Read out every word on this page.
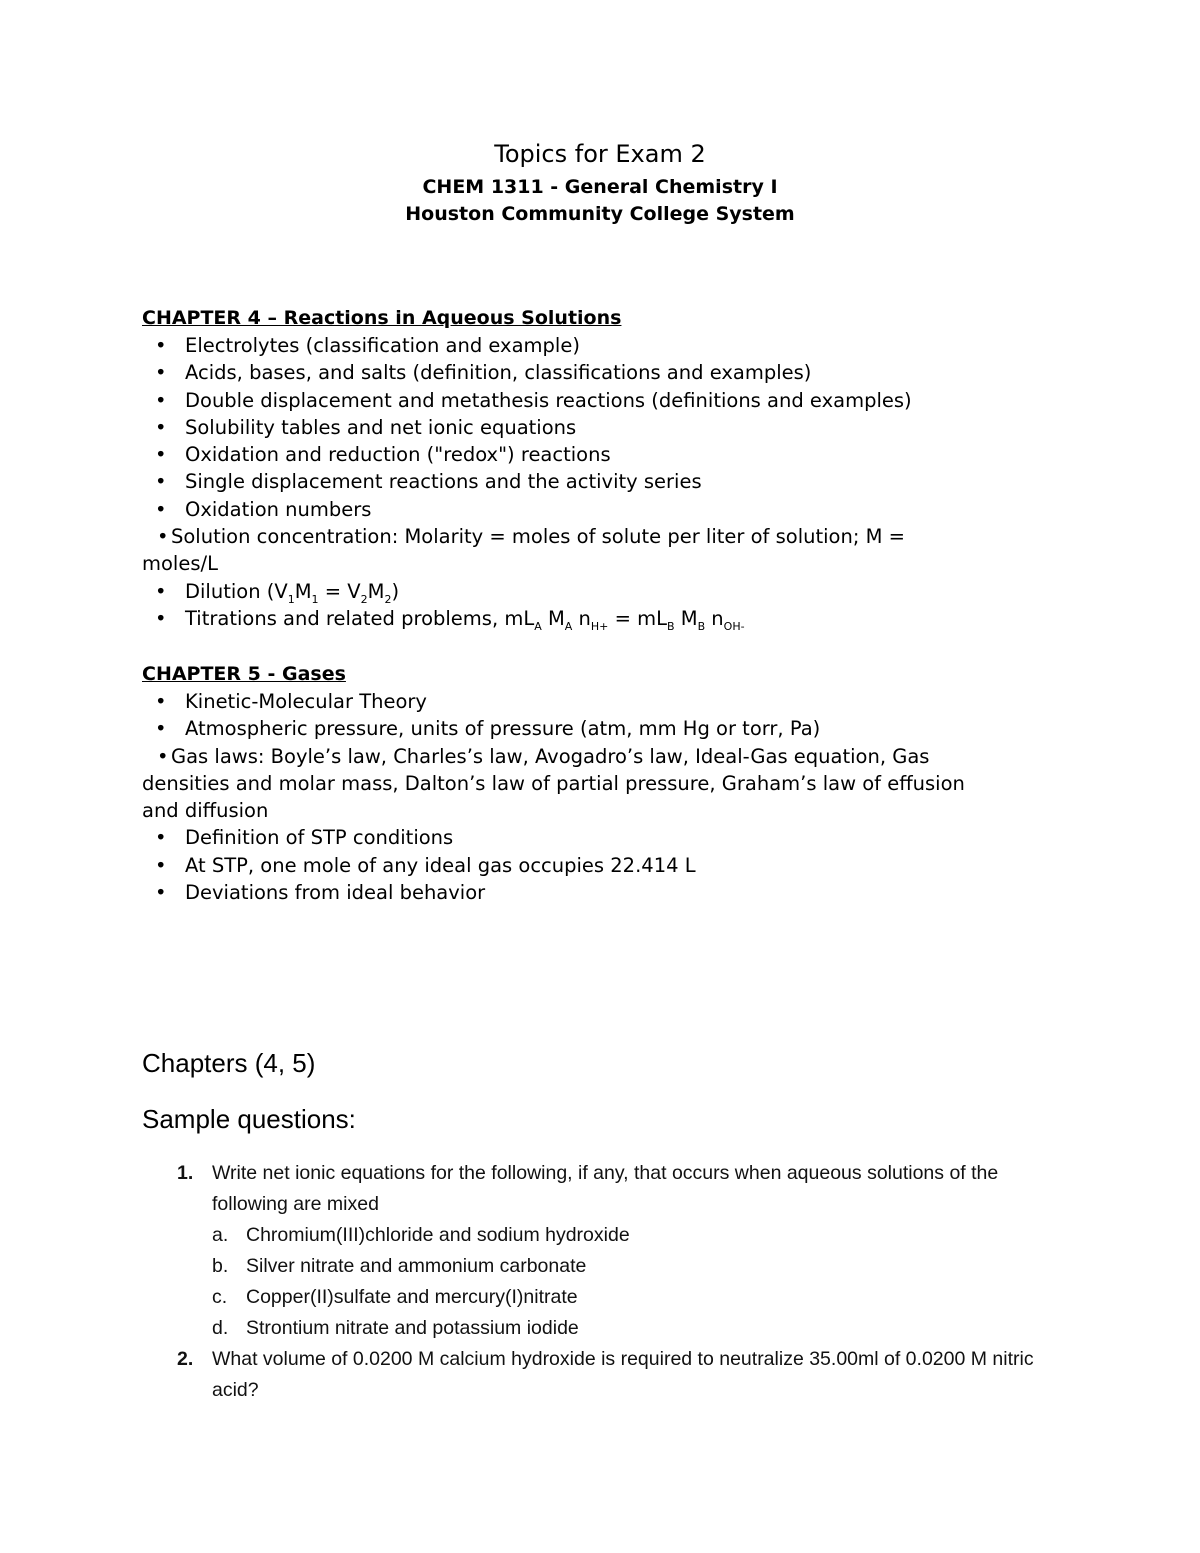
Topics for Exam 2
CHEM 1311 - General Chemistry I
Houston Community College System
CHAPTER 4 – Reactions in Aqueous Solutions
• Electrolytes (classification and example)
• Acids, bases, and salts (definition, classifications and examples)
• Double displacement and metathesis reactions (definitions and examples)
• Solubility tables and net ionic equations
• Oxidation and reduction ("redox") reactions
• Single displacement reactions and the activity series
• Oxidation numbers
• Solution concentration: Molarity = moles of solute per liter of solution; M =
moles/L
• Dilution $(V_1M_1 = V_2M_2)$
• Titrations and related problems, $mL_A$ $M_A$ $n_{H+} = mL_B$ $M_B$ $n_{OH-}$
CHAPTER 5 - Gases
• Kinetic-Molecular Theory
• Atmospheric pressure, units of pressure (atm, mm Hg or torr, Pa)
• Gas laws: Boyle’s law, Charles’s law, Avogadro’s law, Ideal-Gas equation, Gas
densities and molar mass, Dalton’s law of partial pressure, Graham’s law of effusion
and diffusion
• Definition of STP conditions
• At STP, one mole of any ideal gas occupies 22.414 L
• Deviations from ideal behavior
Chapters (4, 5)
Sample questions:
1. Write net ionic equations for the following, if any, that occurs when aqueous solutions of the following are mixed
a. Chromium(III)chloride and sodium hydroxide
b. Silver nitrate and ammonium carbonate
c. Copper(II)sulfate and mercury(I)nitrate
d. Strontium nitrate and potassium iodide
2. What volume of 0.0200 M calcium hydroxide is required to neutralize 35.00ml of 0.0200 M nitric acid?
